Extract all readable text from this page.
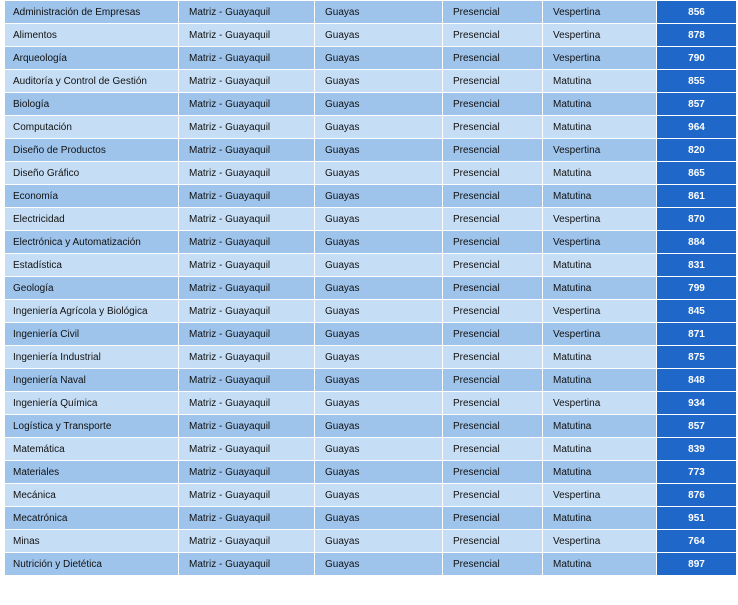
Administración de Empresas	Matriz - Guayaquil	Guayas	Presencial	Vespertina	856
Alimentos	Matriz - Guayaquil	Guayas	Presencial	Vespertina	878
Arqueología	Matriz - Guayaquil	Guayas	Presencial	Vespertina	790
Auditoría y Control de Gestión	Matriz - Guayaquil	Guayas	Presencial	Matutina	855
Biología	Matriz - Guayaquil	Guayas	Presencial	Matutina	857
Computación	Matriz - Guayaquil	Guayas	Presencial	Matutina	964
Diseño de Productos	Matriz - Guayaquil	Guayas	Presencial	Vespertina	820
Diseño Gráfico	Matriz - Guayaquil	Guayas	Presencial	Matutina	865
Economía	Matriz - Guayaquil	Guayas	Presencial	Matutina	861
Electricidad	Matriz - Guayaquil	Guayas	Presencial	Vespertina	870
Electrónica y Automatización	Matriz - Guayaquil	Guayas	Presencial	Vespertina	884
Estadística	Matriz - Guayaquil	Guayas	Presencial	Matutina	831
Geología	Matriz - Guayaquil	Guayas	Presencial	Matutina	799
Ingeniería Agrícola y Biológica	Matriz - Guayaquil	Guayas	Presencial	Vespertina	845
Ingeniería Civil	Matriz - Guayaquil	Guayas	Presencial	Vespertina	871
Ingeniería Industrial	Matriz - Guayaquil	Guayas	Presencial	Matutina	875
Ingeniería Naval	Matriz - Guayaquil	Guayas	Presencial	Matutina	848
Ingeniería Química	Matriz - Guayaquil	Guayas	Presencial	Vespertina	934
Logística y Transporte	Matriz - Guayaquil	Guayas	Presencial	Matutina	857
Matemática	Matriz - Guayaquil	Guayas	Presencial	Matutina	839
Materiales	Matriz - Guayaquil	Guayas	Presencial	Matutina	773
Mecánica	Matriz - Guayaquil	Guayas	Presencial	Vespertina	876
Mecatrónica	Matriz - Guayaquil	Guayas	Presencial	Matutina	951
Minas	Matriz - Guayaquil	Guayas	Presencial	Vespertina	764
Nutrición y Dietética	Matriz - Guayaquil	Guayas	Presencial	Matutina	897
